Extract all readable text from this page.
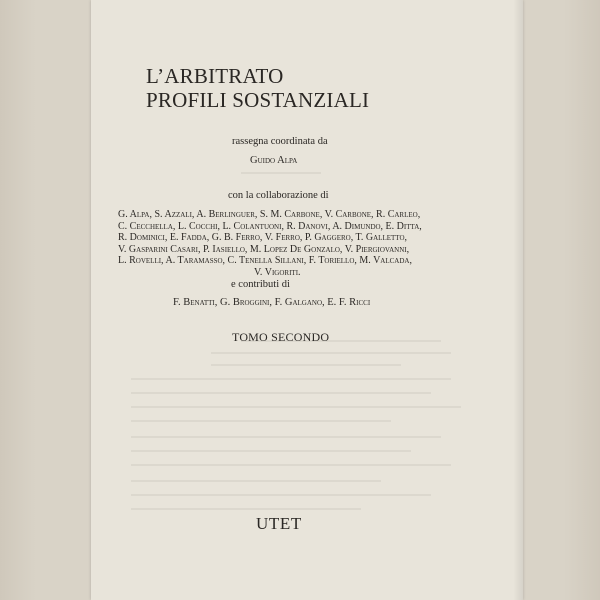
L’ARBITRATO
PROFILI SOSTANZIALI
rassegna coordinata da
Guido Alpa
con la collaborazione di
G. Alpa, S. Azzali, A. Berlinguer, S. M. Carbone, V. Carbone, R. Carleo,
C. Cecchella, L. Cocchi, L. Colantuoni, R. Danovi, A. Dimundo, E. Ditta,
R. Dominici, E. Fadda, G. B. Ferro, V. Ferro, P. Gaggero, T. Galletto,
V. Gasparini Casari, P. Iasiello, M. Lopez De Gonzalo, V. Piergiovanni,
L. Rovelli, A. Taramasso, C. Tenella Sillani, F. Toriello, M. Valcada,
V. Vigoriti.
e contributi di
F. Benatti, G. Broggini, F. Galgano, E. F. Ricci
TOMO SECONDO
UTET
